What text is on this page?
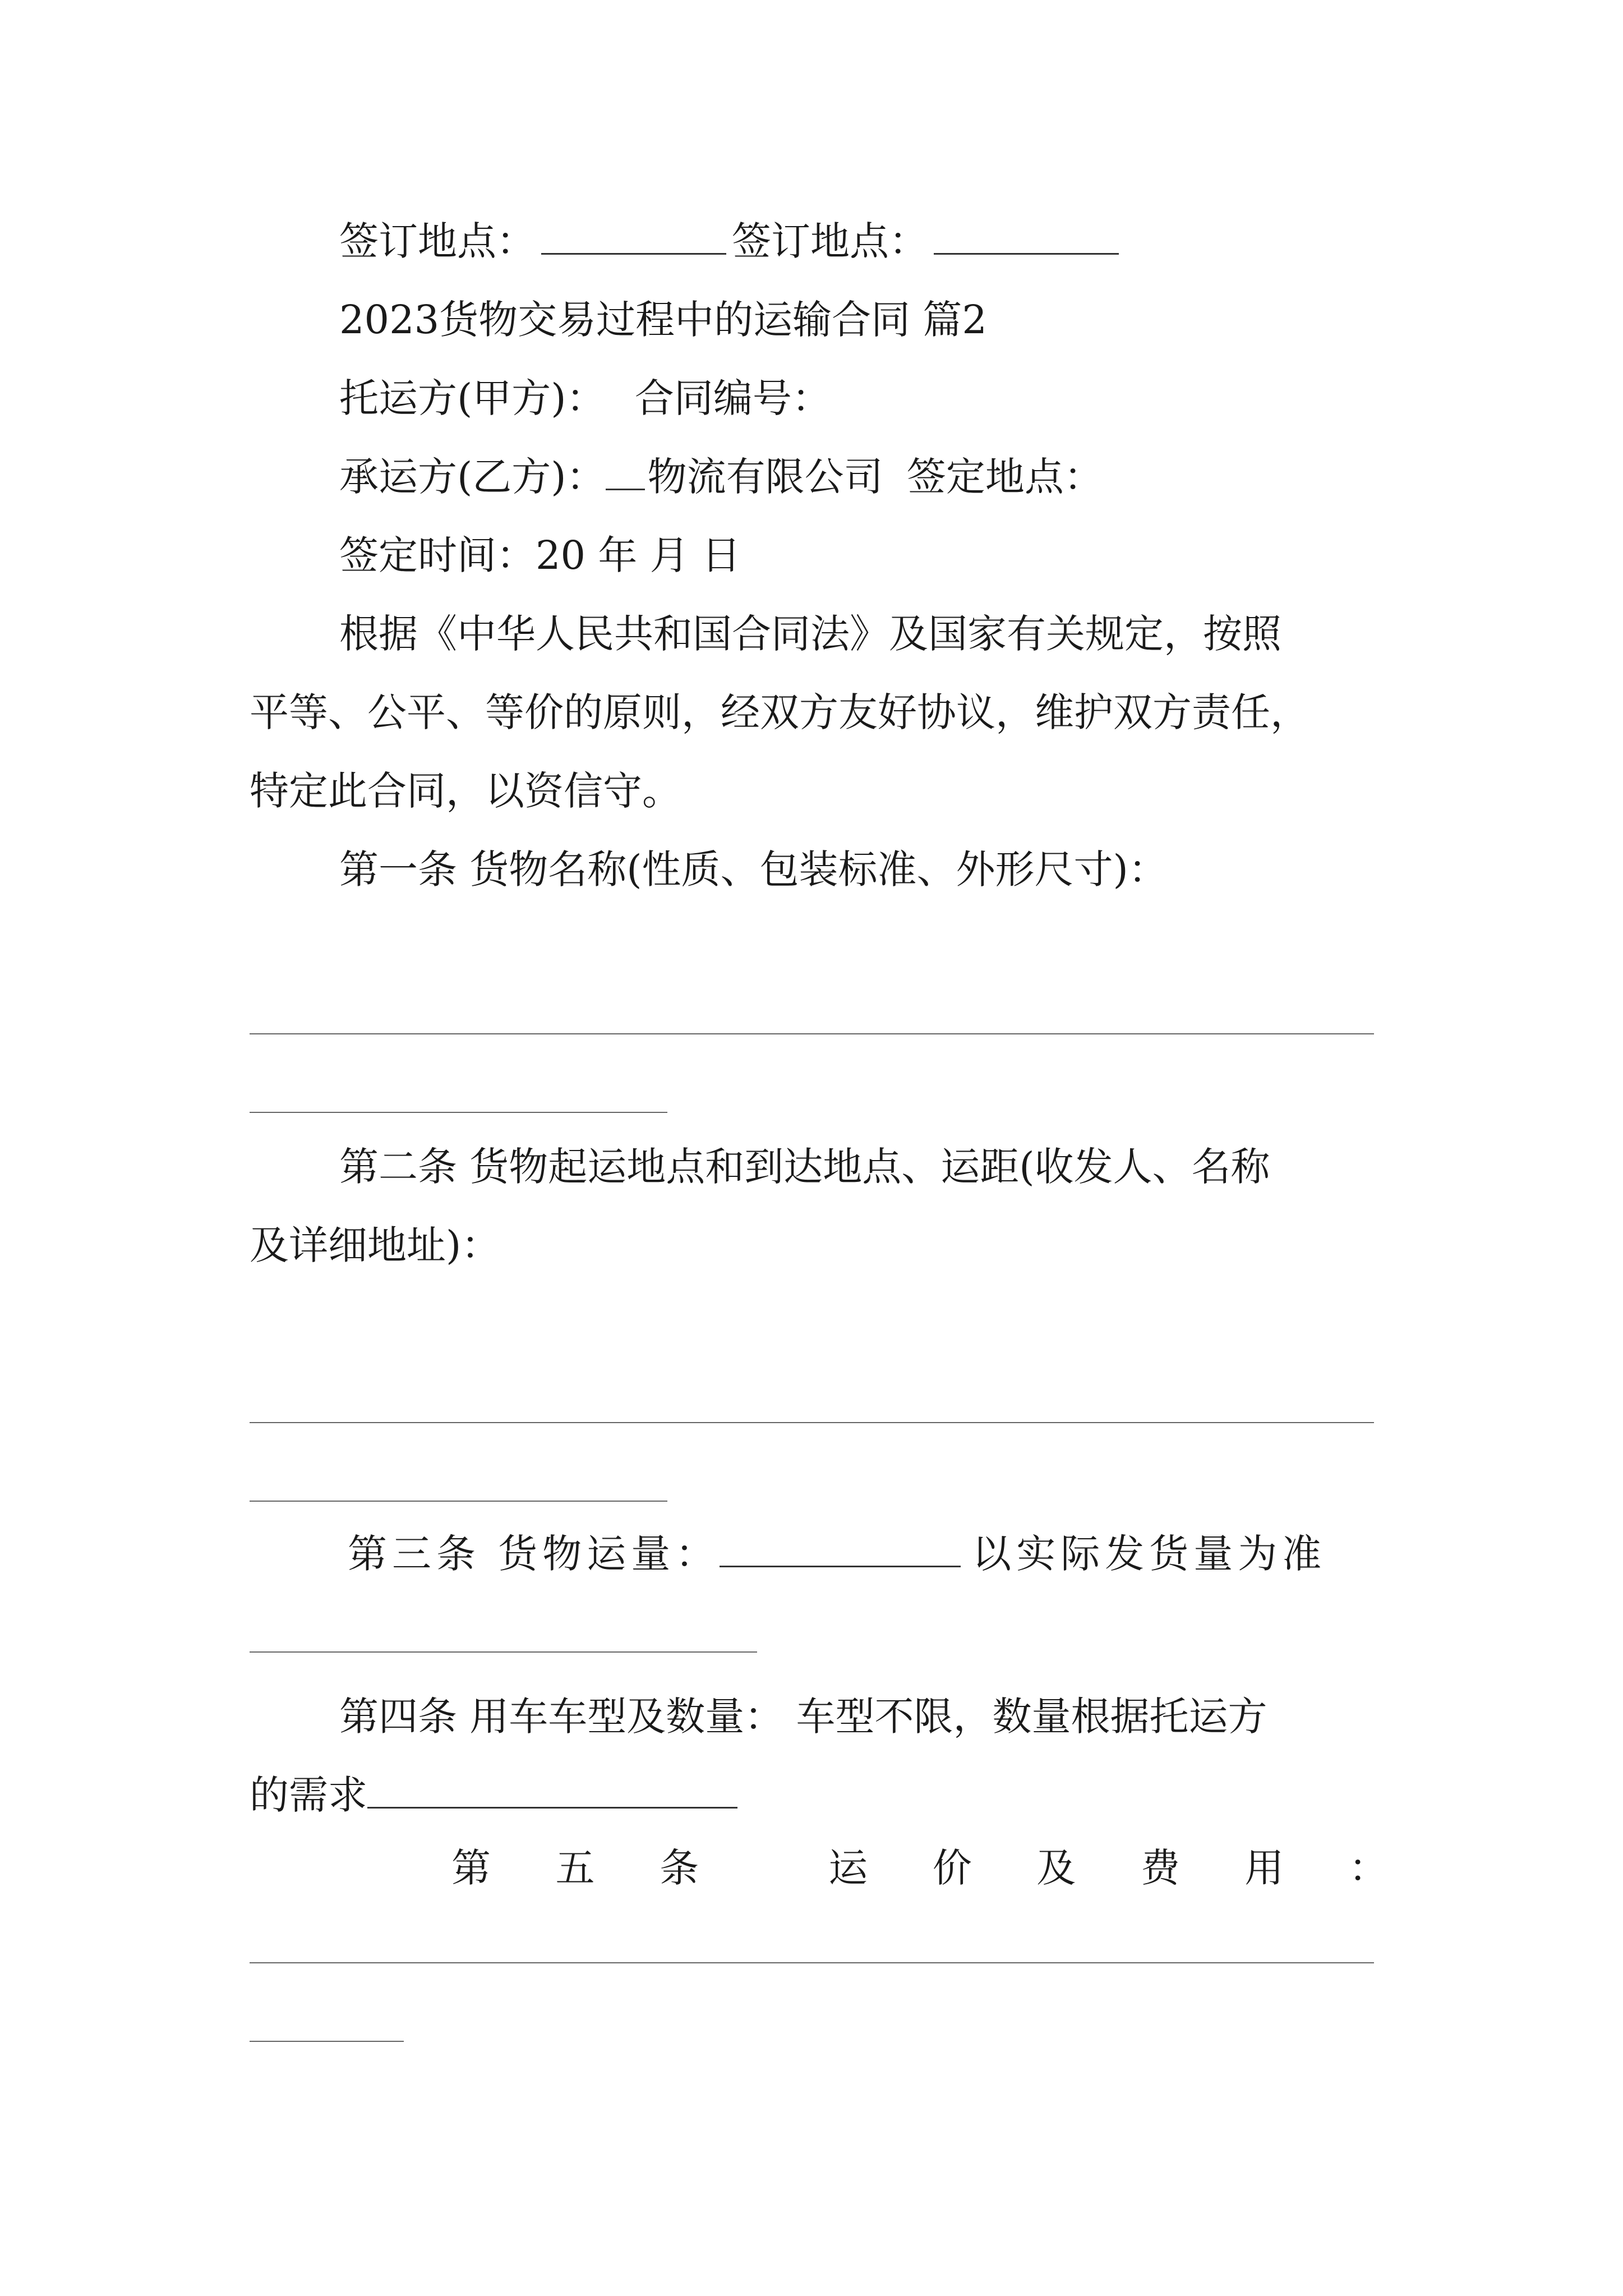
签订地点：	签订地点：
2023货物交易过程中的运输合同 篇2
托运方(甲方)： 合同编号：
承运方(乙方)： 物流有限公司 签定地点：
签定时间：20 年 月 日
根据《中华人民共和国合同法》及国家有关规定，按照
平等、公平、等价的原则，经双方友好协议，维护双方责任，
特定此合同，以资信守。
第一条 货物名称(性质、包装标准、外形尺寸)：
第二条 货物起运地点和到达地点、运距(收发人、名称
及详细地址)：
第三条 货物运量：	以实际发货量为准
第四条 用车车型及数量： 车型不限，数量根据托运方
的需求
第 五 条	运 价 及 费 用 ：
